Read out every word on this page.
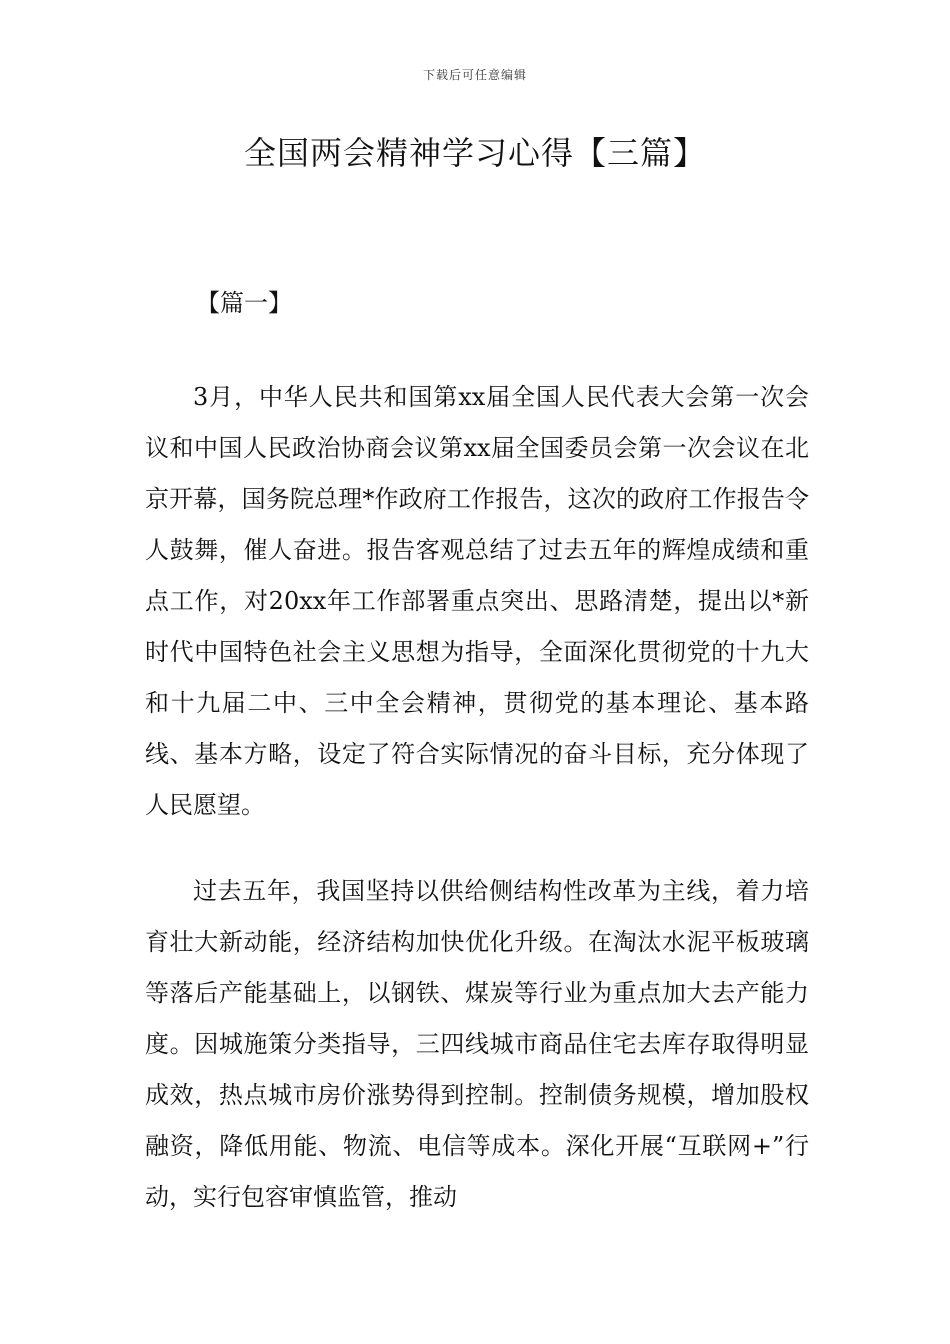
下载后可任意编辑
全国两会精神学习心得【三篇】
【篇一】

3月，中华人民共和国第xx届全国人民代表大会第一次会议和中国人民政治协商会议第xx届全国委员会第一次会议在北京开幕，国务院总理*作政府工作报告，这次的政府工作报告令人鼓舞，催人奋进。报告客观总结了过去五年的辉煌成绩和重点工作，对20xx年工作部署重点突出、思路清楚，提出以*新时代中国特色社会主义思想为指导，全面深化贯彻党的十九大和十九届二中、三中全会精神，贯彻党的基本理论、基本路线、基本方略，设定了符合实际情况的奋斗目标，充分体现了人民愿望。

过去五年，我国坚持以供给侧结构性改革为主线，着力培育壮大新动能，经济结构加快优化升级。在淘汰水泥平板玻璃等落后产能基础上，以钢铁、煤炭等行业为重点加大去产能力度。因城施策分类指导，三四线城市商品住宅去库存取得明显成效，热点城市房价涨势得到控制。控制债务规模，增加股权融资，降低用能、物流、电信等成本。深化开展“互联网+”行动，实行包容审慎监管，推动
